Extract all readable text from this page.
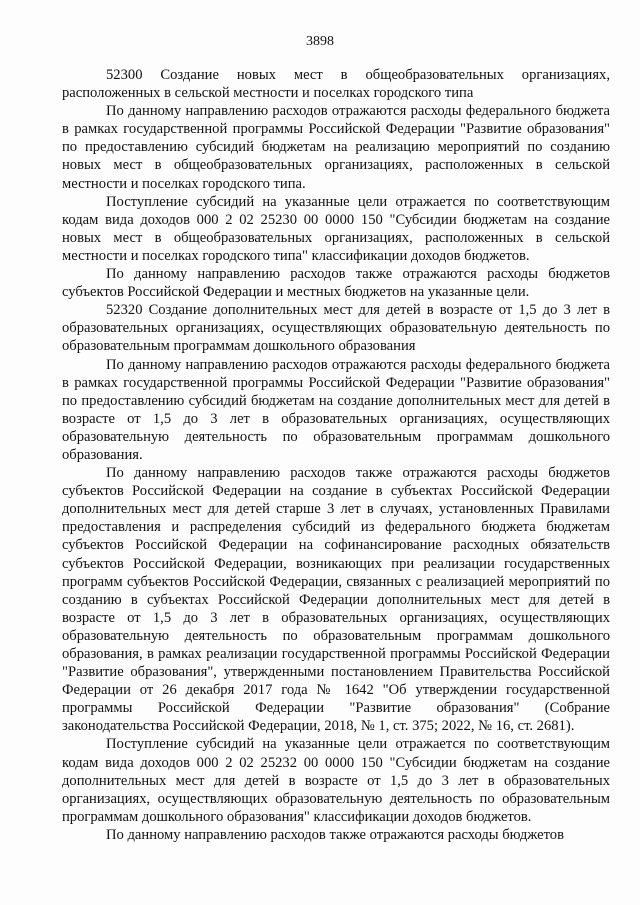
3898

52300 Создание новых мест в общеобразовательных организациях, расположенных в сельской местности и поселках городского типа

По данному направлению расходов отражаются расходы федерального бюджета в рамках государственной программы Российской Федерации "Развитие образования" по предоставлению субсидий бюджетам на реализацию мероприятий по созданию новых мест в общеобразовательных организациях, расположенных в сельской местности и поселках городского типа.

Поступление субсидий на указанные цели отражается по соответствующим кодам вида доходов 000 2 02 25230 00 0000 150 "Субсидии бюджетам на создание новых мест в общеобразовательных организациях, расположенных в сельской местности и поселках городского типа" классификации доходов бюджетов.

По данному направлению расходов также отражаются расходы бюджетов субъектов Российской Федерации и местных бюджетов на указанные цели.

52320 Создание дополнительных мест для детей в возрасте от 1,5 до 3 лет в образовательных организациях, осуществляющих образовательную деятельность по образовательным программам дошкольного образования

По данному направлению расходов отражаются расходы федерального бюджета в рамках государственной программы Российской Федерации "Развитие образования" по предоставлению субсидий бюджетам на создание дополнительных мест для детей в возрасте от 1,5 до 3 лет в образовательных организациях, осуществляющих образовательную деятельность по образовательным программам дошкольного образования.

По данному направлению расходов также отражаются расходы бюджетов субъектов Российской Федерации на создание в субъектах Российской Федерации дополнительных мест для детей старше 3 лет в случаях, установленных Правилами предоставления и распределения субсидий из федерального бюджета бюджетам субъектов Российской Федерации на софинансирование расходных обязательств субъектов Российской Федерации, возникающих при реализации государственных программ субъектов Российской Федерации, связанных с реализацией мероприятий по созданию в субъектах Российской Федерации дополнительных мест для детей в возрасте от 1,5 до 3 лет в образовательных организациях, осуществляющих образовательную деятельность по образовательным программам дошкольного образования, в рамках реализации государственной программы Российской Федерации "Развитие образования", утвержденными постановлением Правительства Российской Федерации от 26 декабря 2017 года № 1642 "Об утверждении государственной программы Российской Федерации "Развитие образования" (Собрание законодательства Российской Федерации, 2018, № 1, ст. 375; 2022, № 16, ст. 2681).

Поступление субсидий на указанные цели отражается по соответствующим кодам вида доходов 000 2 02 25232 00 0000 150 "Субсидии бюджетам на создание дополнительных мест для детей в возрасте от 1,5 до 3 лет в образовательных организациях, осуществляющих образовательную деятельность по образовательным программам дошкольного образования" классификации доходов бюджетов.

По данному направлению расходов также отражаются расходы бюджетов
